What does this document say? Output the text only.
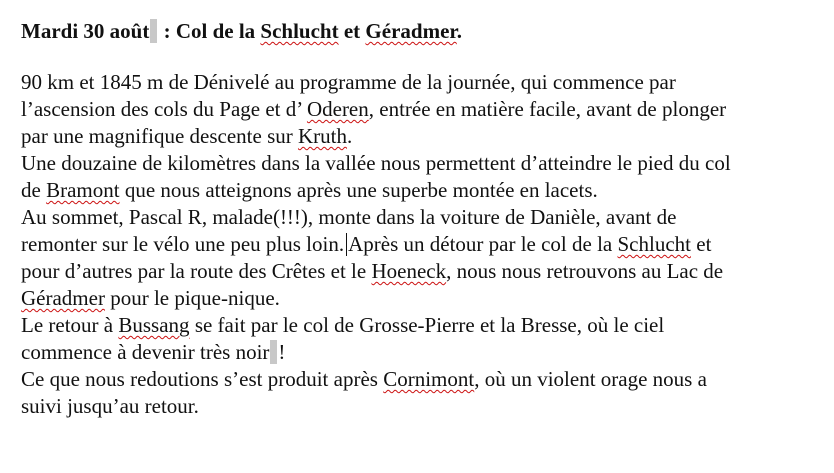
Mardi 30 août : Col de la Schlucht et Géradmer.
90 km et 1845 m de Dénivelé au programme de la journée, qui commence par
l’ascension des cols du Page et d’ Oderen, entrée en matière facile, avant de plonger
par une magnifique descente sur Kruth.
Une douzaine de kilomètres dans la vallée nous permettent d’atteindre le pied du col
de Bramont que nous atteignons après une superbe montée en lacets.
Au sommet, Pascal R, malade(!!!), monte dans la voiture de Danièle, avant de
remonter sur le vélo une peu plus loin. Après un détour par le col de la Schlucht et
pour d’autres par la route des Crêtes et le Hoeneck, nous nous retrouvons au Lac de
Géradmer pour le pique-nique.
Le retour à Bussang se fait par le col de Grosse-Pierre et la Bresse, où le ciel
commence à devenir très noir !
Ce que nous redoutions s’est produit après Cornimont, où un violent orage nous a
suivi jusqu’au retour.
